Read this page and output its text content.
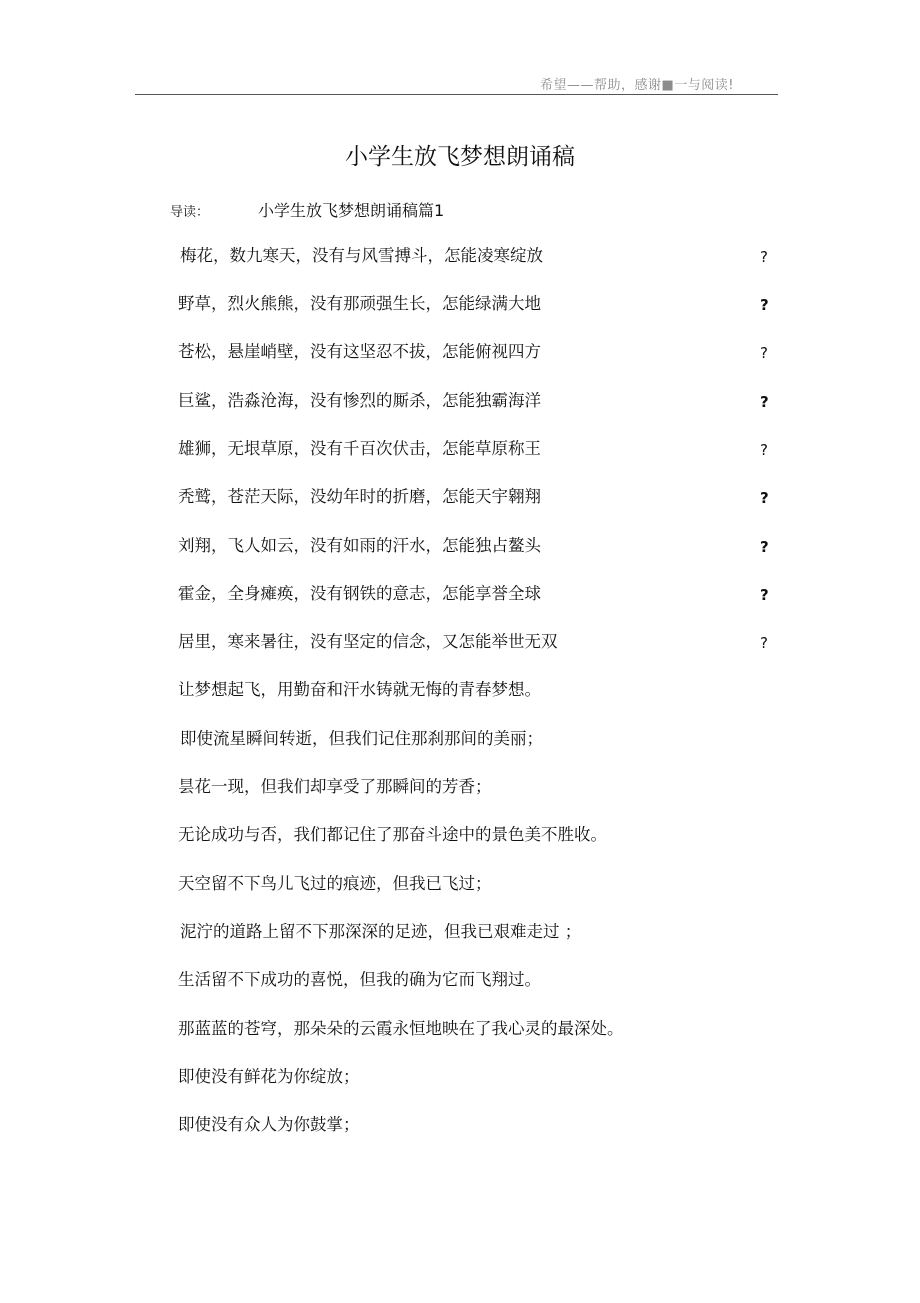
希望——帮助，感谢■一与阅读!
小学生放飞梦想朗诵稿
导读：	小学生放飞梦想朗诵稿篇1
梅花，数九寒天，没有与风雪搏斗，怎能凌寒绽放	?
野草，烈火熊熊，没有那顽强生长，怎能绿满大地	?
苍松，悬崖峭壁，没有这坚忍不拔，怎能俯视四方	?
巨鲨，浩淼沧海，没有惨烈的厮杀，怎能独霸海洋	?
雄狮，无垠草原，没有千百次伏击，怎能草原称王	?
秃鹫，苍茫天际，没幼年时的折磨，怎能天宇翱翔	?
刘翔，飞人如云，没有如雨的汗水，怎能独占鳌头	?
霍金，全身瘫痪，没有钢铁的意志，怎能享誉全球	?
居里，寒来暑往，没有坚定的信念，又怎能举世无双	?
让梦想起飞，用勤奋和汗水铸就无悔的青春梦想。
即使流星瞬间转逝，但我们记住那刹那间的美丽；
昙花一现，但我们却享受了那瞬间的芳香；
无论成功与否，我们都记住了那奋斗途中的景色美不胜收。
天空留不下鸟儿飞过的痕迹，但我已飞过；
泥泞的道路上留不下那深深的足迹，但我已艰难走过 ；
生活留不下成功的喜悦，但我的确为它而飞翔过。
那蓝蓝的苍穹，那朵朵的云霞永恒地映在了我心灵的最深处。
即使没有鲜花为你绽放；
即使没有众人为你鼓掌；
